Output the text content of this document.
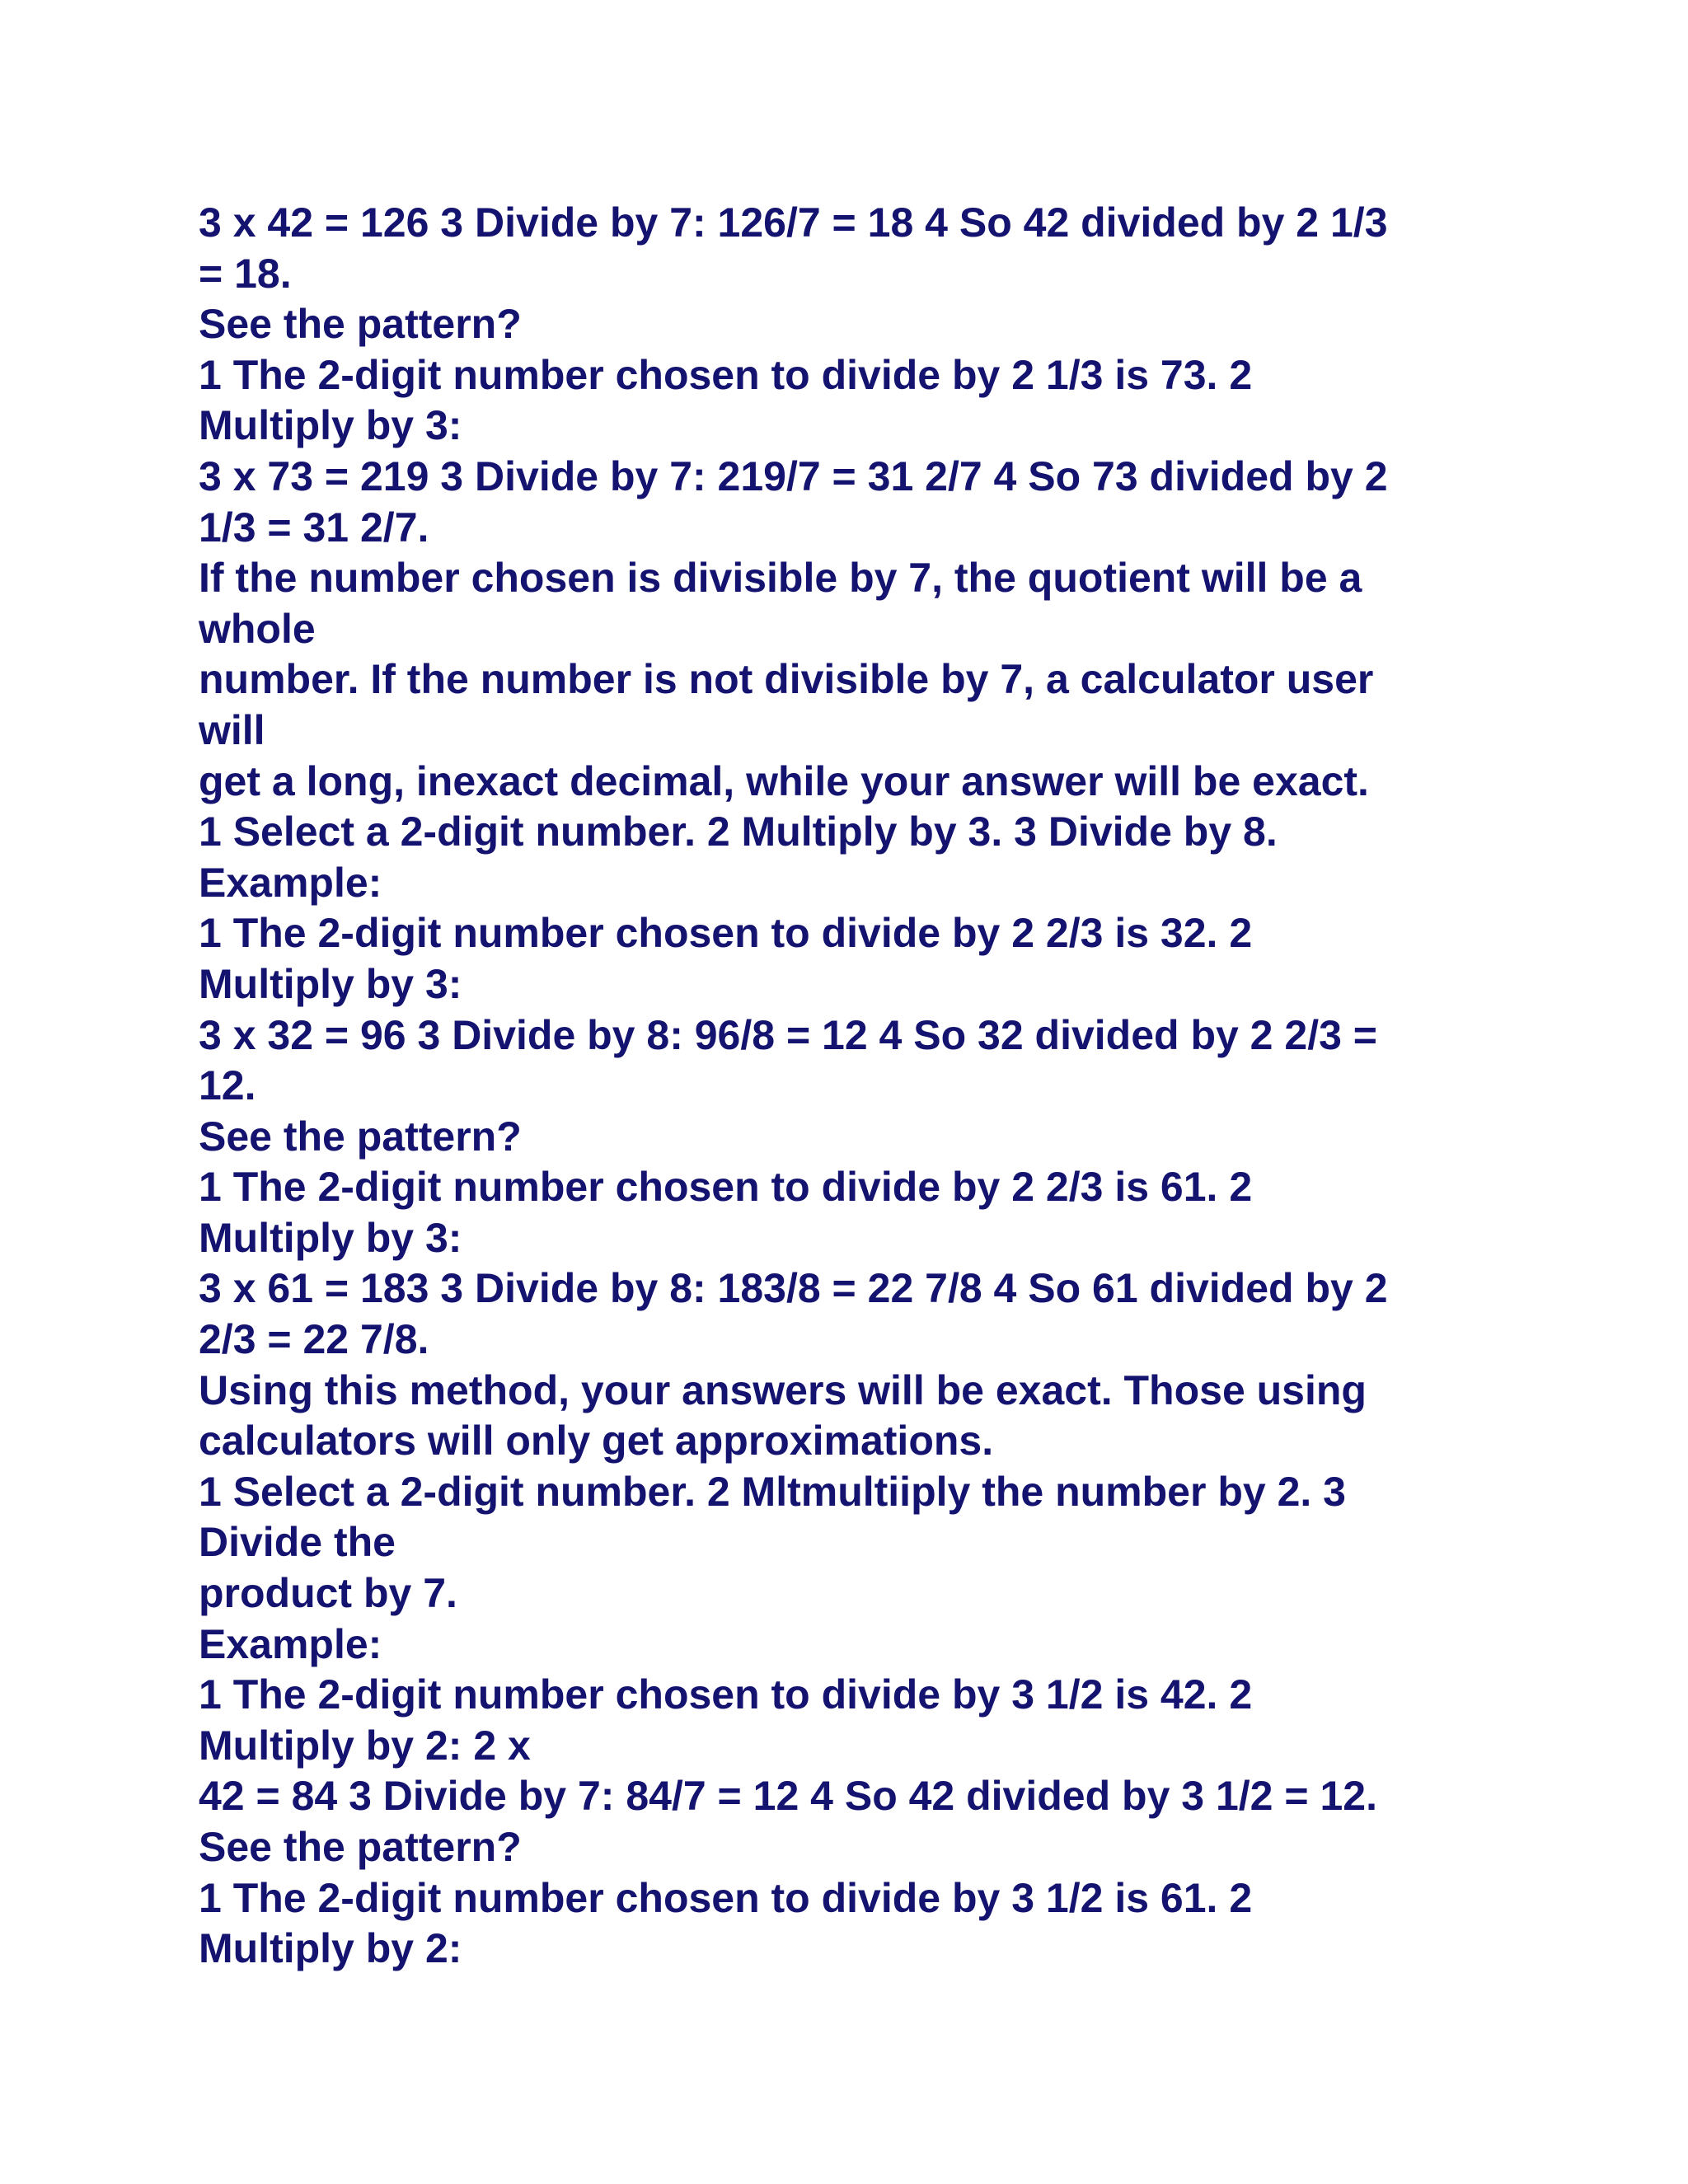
3 x 42 = 126 3 Divide by 7: 126/7 = 18 4 So 42 divided by 2 1/3
= 18.
See the pattern?
1 The 2-digit number chosen to divide by 2 1/3 is 73. 2
Multiply by 3:
3 x 73 = 219 3 Divide by 7: 219/7 = 31 2/7 4 So 73 divided by 2
1/3 = 31 2/7.
If the number chosen is divisible by 7, the quotient will be a
whole
number. If the number is not divisible by 7, a calculator user
will
get a long, inexact decimal, while your answer will be exact.
1 Select a 2-digit number. 2 Multiply by 3. 3 Divide by 8.
Example:
1 The 2-digit number chosen to divide by 2 2/3 is 32. 2
Multiply by 3:
3 x 32 = 96 3 Divide by 8: 96/8 = 12 4 So 32 divided by 2 2/3 =
12.
See the pattern?
1 The 2-digit number chosen to divide by 2 2/3 is 61. 2
Multiply by 3:
3 x 61 = 183 3 Divide by 8: 183/8 = 22 7/8 4 So 61 divided by 2
2/3 = 22 7/8.
Using this method, your answers will be exact. Those using
calculators will only get approximations.
1 Select a 2-digit number. 2 Mltmultiiply the number by 2. 3
Divide the
product by 7.
Example:
1 The 2-digit number chosen to divide by 3 1/2 is 42. 2
Multiply by 2: 2 x
42 = 84 3 Divide by 7: 84/7 = 12 4 So 42 divided by 3 1/2 = 12.
See the pattern?
1 The 2-digit number chosen to divide by 3 1/2 is 61. 2
Multiply by 2:
